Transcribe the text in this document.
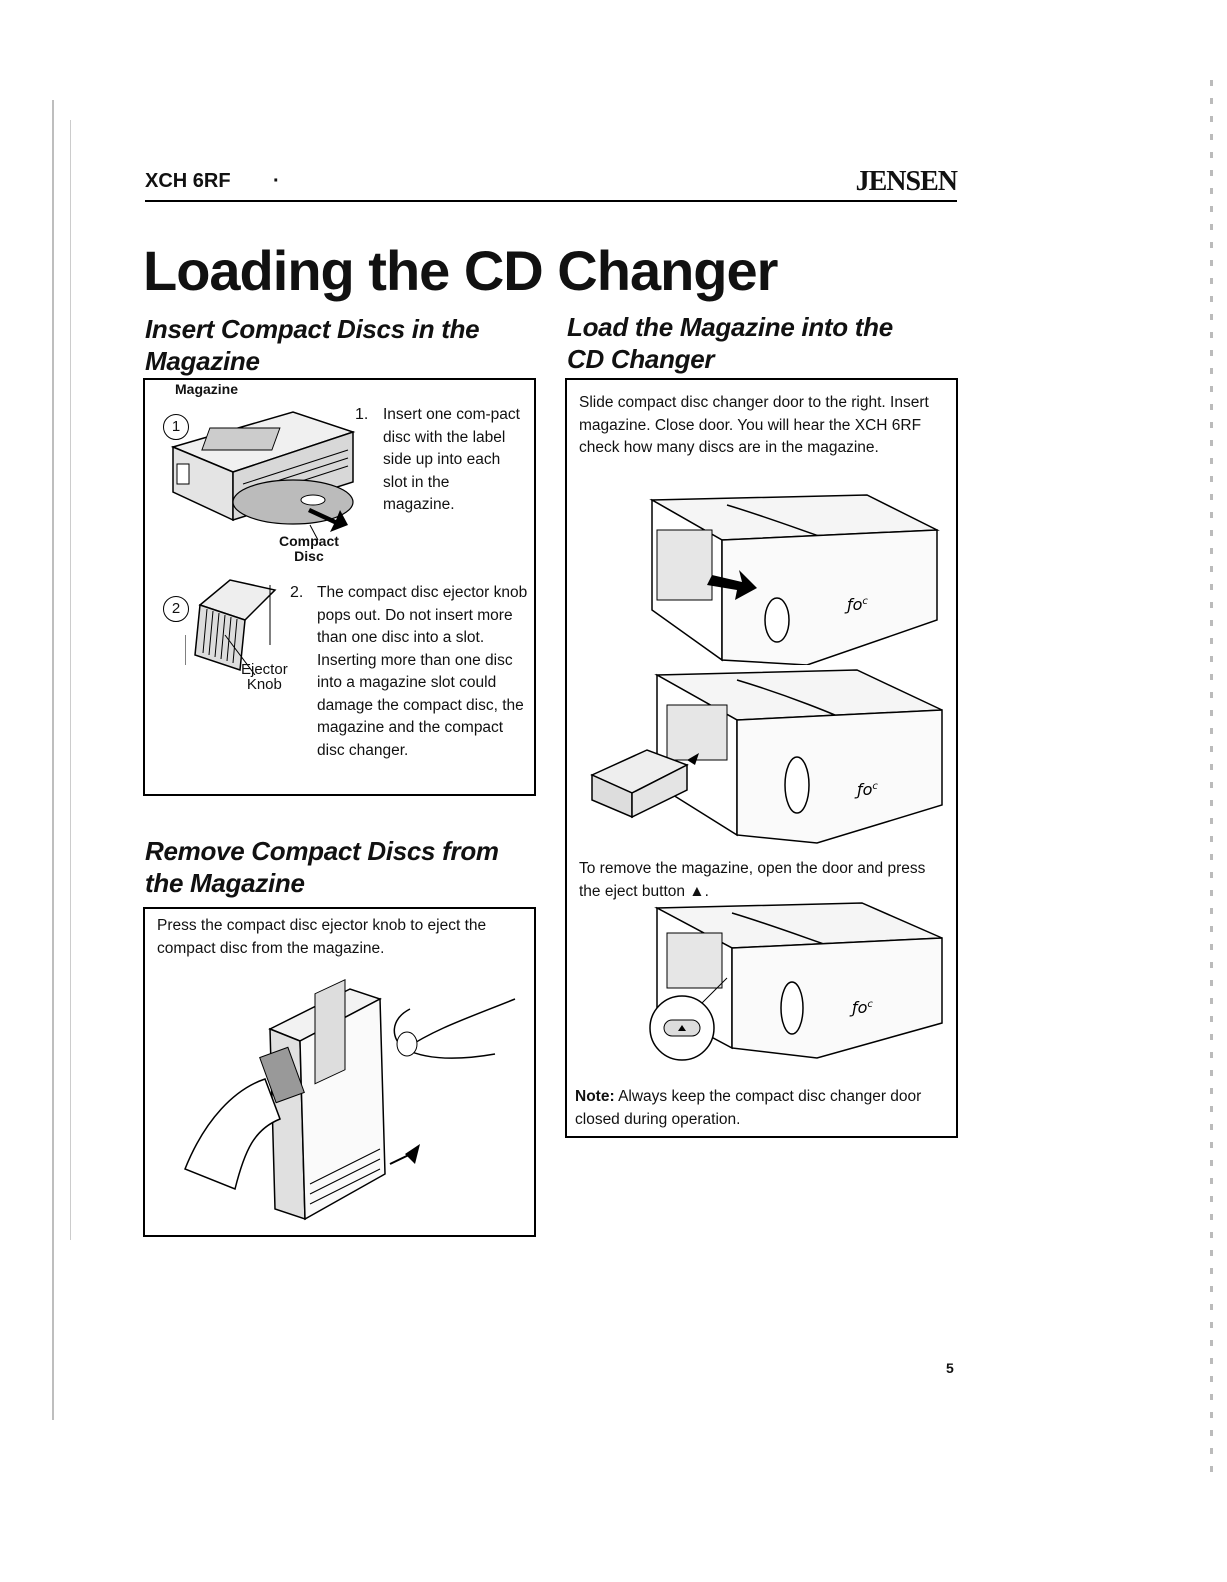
XCH 6RF ·	JENSEN
Loading the CD Changer
Insert Compact Discs in the
Magazine
Magazine
1
Compact
Disc
1. Insert one com-pact disc with the label side up into each slot in the magazine.
2
Ejector
Knob
2. The compact disc ejector knob pops out. Do not insert more than one disc into a slot. Inserting more than one disc into a magazine slot could damage the compact disc, the magazine and the compact disc changer.
Remove Compact Discs from
the Magazine
Press the compact disc ejector knob to eject the compact disc from the magazine.
Load the Magazine into the
CD Changer
Slide compact disc changer door to the right. Insert magazine. Close door. You will hear the XCH 6RF check how many discs are in the magazine.
$ƒo^c$
$ƒo^c$
To remove the magazine, open the door and press the eject button ▲.
$ƒo^c$
Note: Always keep the compact disc changer door closed during operation.
5
